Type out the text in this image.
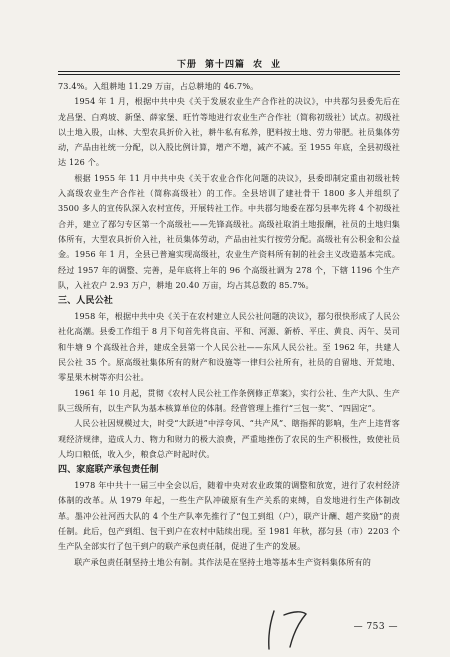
下册 第十四篇 农 业

73.4%。入组耕地 11.29 万亩，占总耕地的 46.7%。

1954 年 1 月，根据中共中央《关于发展农业生产合作社的决议》，中共鄀匀县委先后在龙昌堡、白鸡坡、新堡、薛家堡、旺竹等地进行农业生产合作社（简称初级社）试点。初级社以土地入股，山林、大型农具折价入社，耕牛私有私养，肥料按土地、劳力带肥。社员集体劳动，产品由社统一分配，以入股比例计算，增产不增，减产不减。至 1955 年底，全县初级社达 126 个。

根据 1955 年 11 月中共中央《关于农业合作化问题的决议》，县委即制定重由初级社转入高级农业生产合作社（简称高级社）的工作。全县培训了建社骨干 1800 多人并组织了 3500 多人的宣传队深入农村宣传，开展转社工作。中共鄀匀地委在鄀匀县率先将 4 个初级社合并，建立了鄀匀专区第一个高级社——先锋高级社。高级社取消土地报酬，社员的土地归集体所有，大型农具折价入社，社员集体劳动，产品由社实行按劳分配。高级社有公积金和公益金。1956 年 1 月，全县已普遍实现高级社，农业生产资料所有制的社会主义改造基本完成。经过 1957 年的调整、完善，是年底将上年的 96 个高级社调为 278 个，下辖 1196 个生产队，入社农户 2.93 万户，耕地 20.40 万亩，均占其总数的 85.7%。

三、人民公社

1958 年，根据中共中央《关于在农村建立人民公社问题的决议》，鄀匀很快形成了人民公社化高潮。县委工作组于 8 月下旬首先将良亩、平和、河源、新桥、平庄、黄良、丙午、吴司和牛塘 9 个高级社合并，建成全县第一个人民公社——东风人民公社。至 1962 年，共建人民公社 35 个。原高级社集体所有的财产和设施等一律归公社所有，社员的自留地、开荒地、零星果木树等亦归公社。

1961 年 10 月起，贯彻《农村人民公社工作条例修正草案》，实行公社、生产大队、生产队三级所有，以生产队为基本核算单位的体制。经营管理上推行“三包一奖”、“四固定”。

人民公社因规模过大，时受“大跃进”中浮夸风、“共产风”、瞎指挥的影响，生产上违背客观经济规律，造成人力、物力和财力的极大浪费，严重地挫伤了农民的生产积极性，致使社员人均口粮低，收入少，粮食总产时起时伏。

四、家庭联产承包责任制

1978 年中共十一届三中全会以后，随着中央对农业政策的调整和放宽，进行了农村经济体制的改革。从 1979 年起，一些生产队冲破原有生产关系的束缚，自发地进行生产体制改革。墨冲公社河西大队的 4 个生产队率先推行了“包工到组（户），联产计酬、超产奖励”的责任制。此后，包产到组、包干到户在农村中陆续出现。至 1981 年秋，鄀匀县（市）2203 个生产队全部实行了包干到户的联产承包责任制，促进了生产的发展。

联产承包责任制坚持土地公有制。其作法是在坚持土地等基本生产资料集体所有的

— 753 —
